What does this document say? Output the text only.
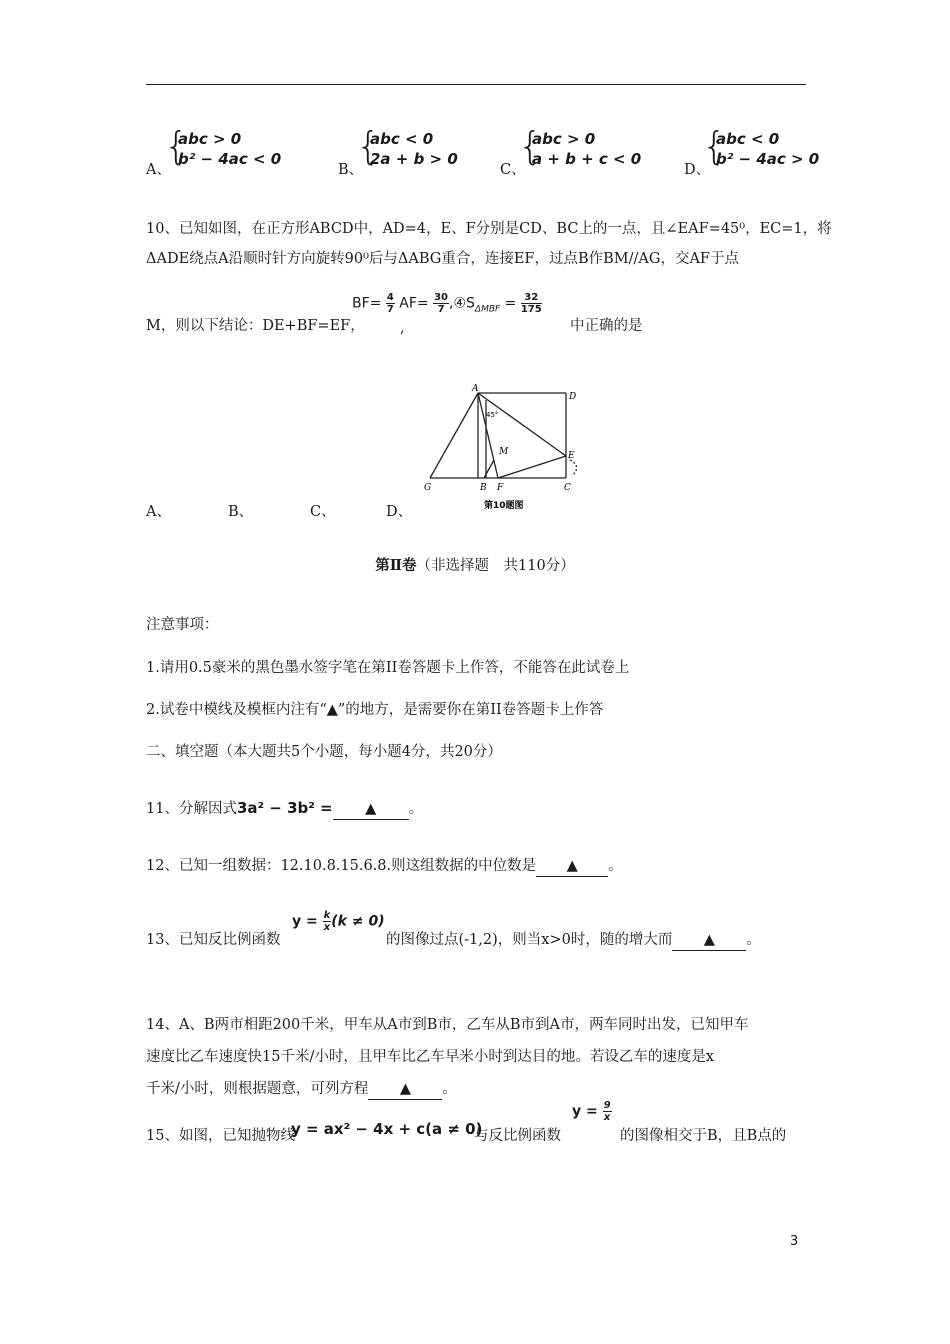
A、
{
abc > 0
b² − 4ac < 0
B、
{
abc < 0
2a + b > 0
C、
{
abc > 0
a + b + c < 0
D、
{
abc < 0
b² − 4ac > 0
10、已知如图，在正方形ABCD中，AD=4，E、F分别是CD、BC上的一点，且∠EAF=45⁰，EC=1，将
ΔADE绕点A沿顺时针方向旋转90⁰后与ΔABG重合，连接EF，过点B作BM//AG，交AF于点
M，则以下结论：DE+BF=EF，
$BF= \frac{4}{7} AF= \frac{30}{7}$ $,④S_{\Delta MBF} = \frac{32}{175}$
,	中正确的是
A
D
E
C
G	B F
M
45°
第10题图
A、	B、	C、	D、
第Ⅱ卷（非选择题　共110分）
注意事项：
1.请用0.5豪米的黑色墨水签字笔在第II卷答题卡上作答，不能答在此试卷上
2.试卷中模线及模框内注有“▲”的地方，是需要你在第II卷答题卡上作答
二、填空题（本大题共5个小题，每小题4分，共20分）
11、分解因式3a² − 3b² = ▲ 。
12、已知一组数据：12.10.8.15.6.8.则这组数据的中位数是 ▲ 。
13、已知反比例函数
$y = \frac{k}{x} (k \ne 0)$
的图像过点(-1,2)，则当x>0时，随的增大而 ▲ 。
14、A、B两市相距200千米，甲车从A市到B市，乙车从B市到A市，两车同时出发，已知甲车
速度比乙车速度快15千米/小时，且甲车比乙车早米小时到达目的地。若设乙车的速度是x
千米/小时，则根据题意，可列方程 ▲ 。
15、如图，已知抛物线
y = ax² − 4x + c(a ≠ 0)
与反比例函数
$y = \frac{9}{x}$
的图像相交于B，且B点的
3
